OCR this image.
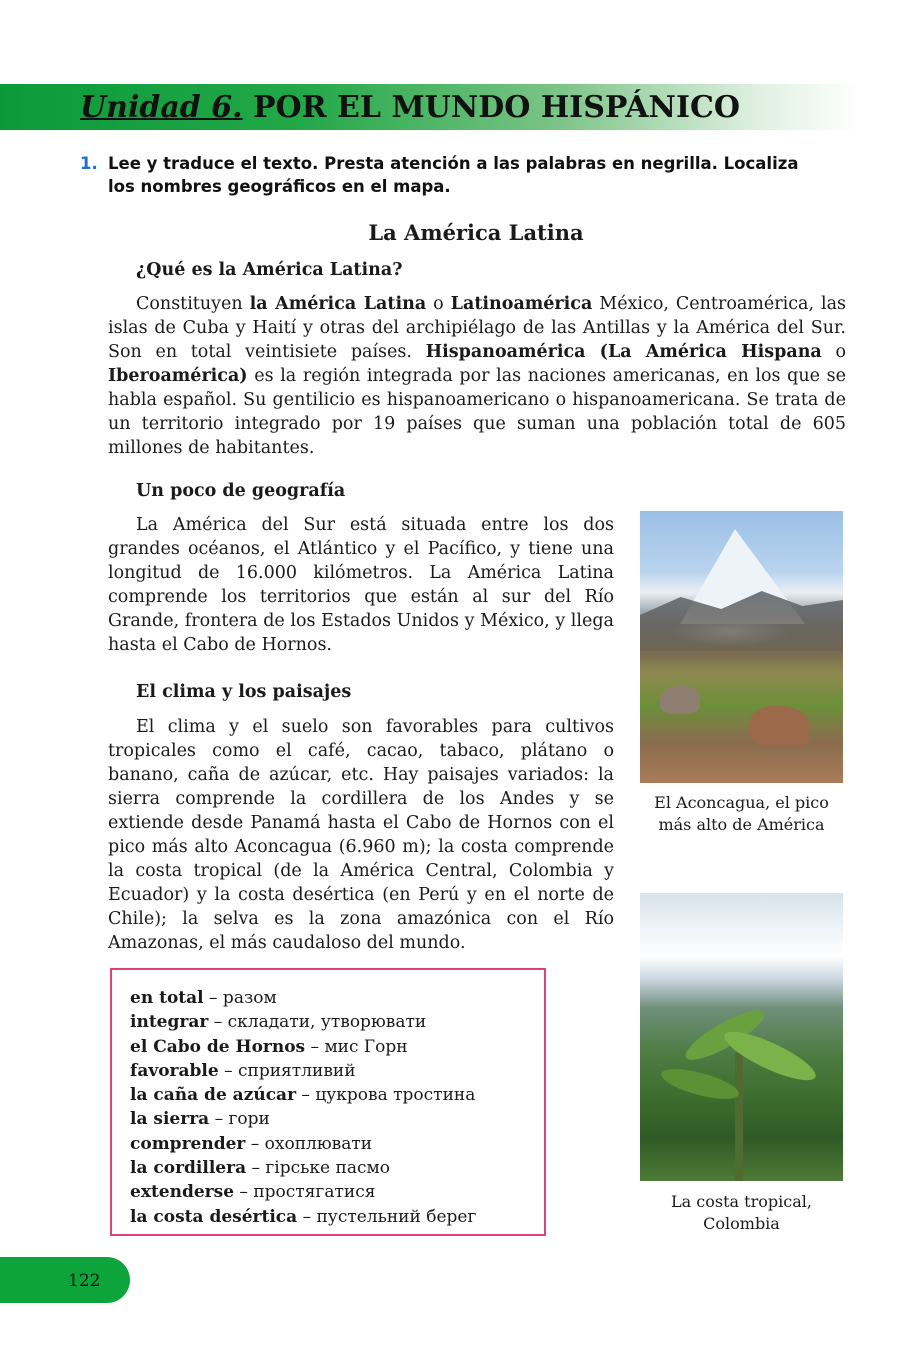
Unidad 6. POR EL MUNDO HISPÁNICO
1. Lee y traduce el texto. Presta atención a las palabras en negrilla. Localiza
los nombres geográficos en el mapa.
La América Latina
¿Qué es la América Latina?

Constituyen la América Latina o Latinoamérica México, Centroamérica, las islas de Cuba y Haití y otras del archipiélago de las Antillas y la América del Sur. Son en total veintisiete países. Hispanoamérica (La América Hispana o Iberoamérica) es la región integrada por las naciones americanas, en los que se habla español. Su gentilicio es hispanoamericano o hispanoamericana. Se trata de un territorio integrado por 19 países que suman una población total de 605 millones de habitantes.

Un poco de geografía

La América del Sur está situada entre los dos grandes océanos, el Atlántico y el Pacífico, y tiene una longitud de 16.000 kilómetros. La América Latina comprende los territorios que están al sur del Río Grande, frontera de los Estados Unidos y México, y llega hasta el Cabo de Hornos.

El clima y los paisajes

El clima y el suelo son favorables para cultivos tropicales como el café, cacao, tabaco, plátano o banano, caña de azúcar, etc. Hay paisajes variados: la sierra comprende la cordillera de los Andes y se extiende desde Panamá hasta el Cabo de Hornos con el pico más alto Aconcagua (6.960 m); la costa comprende la costa tropical (de la América Central, Colombia y Ecuador) y la costa desértica (en Perú y en el norte de Chile); la selva es la zona amazónica con el Río Amazonas, el más caudaloso del mundo.

El Aconcagua, el pico
más alto de América

La costa tropical,
Colombia

en total – разом
integrar – складати, утворювати
el Cabo de Hornos – мис Горн
favorable – сприятливий
la caña de azúcar – цукрова тростина
la sierra – гори
comprender – охоплювати
la cordillera – гірське пасмо
extenderse – простягатися
la costa desértica – пустельний берег
122
